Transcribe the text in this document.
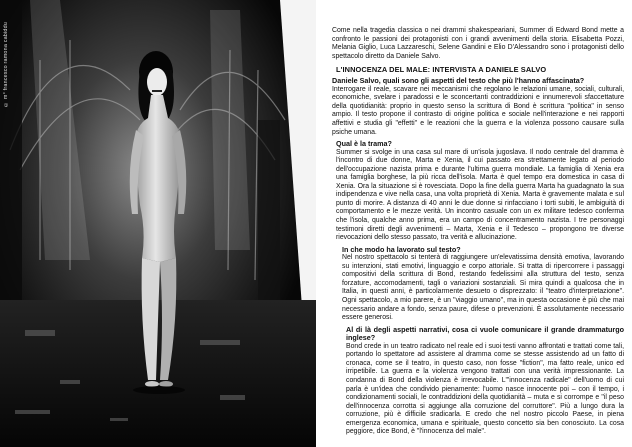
© m° francesco ramona cabiddu	Come nella tragedia classica o nei drammi shakespeariani, Summer di Edward Bond mette a confronto le passioni dei protagonisti con i grandi avvenimenti della storia. Elisabetta Pozzi, Melania Giglio, Luca Lazzareschi, Selene Gandini e Elio D'Alessandro sono i protagonisti dello spettacolo diretto da Daniele Salvo.

L'INNOCENZA DEL MALE: INTERVISTA A DANIELE SALVO

Daniele Salvo, quali sono gli aspetti del testo che più l'hanno affascinata?

Interrogare il reale, scavare nei meccanismi che regolano le relazioni umane, sociali, culturali, economiche, svelare i paradossi e le sconcertanti contraddizioni e innumerevoli sfaccettature della quotidianità: proprio in questo senso la scrittura di Bond è scrittura "politica" in senso ampio. Il testo propone il contrasto di origine politica e sociale nell'interazione e nei rapporti affettivi e studia gli "effetti" e le reazioni che la guerra e la violenza possono causare sulla psiche umana.

Qual è la trama?

Summer si svolge in una casa sul mare di un'isola jugoslava. Il nodo centrale del dramma è l'incontro di due donne, Marta e Xenia, il cui passato era strettamente legato al periodo dell'occupazione nazista prima e durante l'ultima guerra mondiale. La famiglia di Xenia era una famiglia borghese, la più ricca dell'isola. Marta è quel tempo era domestica in casa di Xenia. Ora la situazione si è rovesciata. Dopo la fine della guerra Marta ha guadagnato la sua indipendenza e vive nella casa, una volta proprietà di Xenia. Marta è gravemente malata e sul punto di morire. A distanza di 40 anni le due donne si rinfacciano i torti subiti, le ambiguità di comportamento e le mezze verità. Un incontro casuale con un ex militare tedesco conferma che l'isola, qualche anno prima, era un campo di concentramento nazista. I tre personaggi testimoni diretti degli avvenimenti – Marta, Xenia e il Tedesco – propongono tre diverse rievocazioni dello stesso passato, tra verità e allucinazione.

In che modo ha lavorato sul testo?

Nel nostro spettacolo si tenterà di raggiungere un'elevatissima densità emotiva, lavorando su intenzioni, stati emotivi, linguaggio e corpo attoriale. Si tratta di ripercorrere i passaggi compositivi della scrittura di Bond, restando fedelissimi alla struttura del testo, senza forzature, accomodamenti, tagli o variazioni sostanziali. Si mira quindi a qualcosa che in Italia, in questi anni, è particolarmente desueto o disprezzato: il "teatro d'interpretazione". Ogni spettacolo, a mio parere, è un "viaggio umano", ma in questa occasione è più che mai necessario andare a fondo, senza paure, difese o prevenzioni. È assolutamente necessario essere generosi.

Al di là degli aspetti narrativi, cosa ci vuole comunicare il grande drammaturgo inglese?

Bond crede in un teatro radicato nel reale ed i suoi testi vanno affrontati e trattati come tali, portando lo spettatore ad assistere al dramma come se stesse assistendo ad un fatto di cronaca, come se il teatro, in questo caso, non fosse "fiction", ma fatto reale, unico ed irripetibile. La guerra e la violenza vengono trattati con una verità impressionante. La condanna di Bond della violenza è irrevocabile. L'"innocenza radicale" dell'uomo di cui parla è un'idea che condivido pienamente: l'uomo nasce innocente poi – con il tempo, i condizionamenti sociali, le contraddizioni della quotidianità – muta e si corrompe e "il peso dell'innocenza corrotta si aggiunge alla corruzione del corruttore". Più a lungo dura la corruzione, più è difficile sradicarla. E credo che nel nostro piccolo Paese, in piena emergenza economica, umana e spirituale, questo concetto sia ben conosciuto. La cosa peggiore, dice Bond, è "l'innocenza del male".
